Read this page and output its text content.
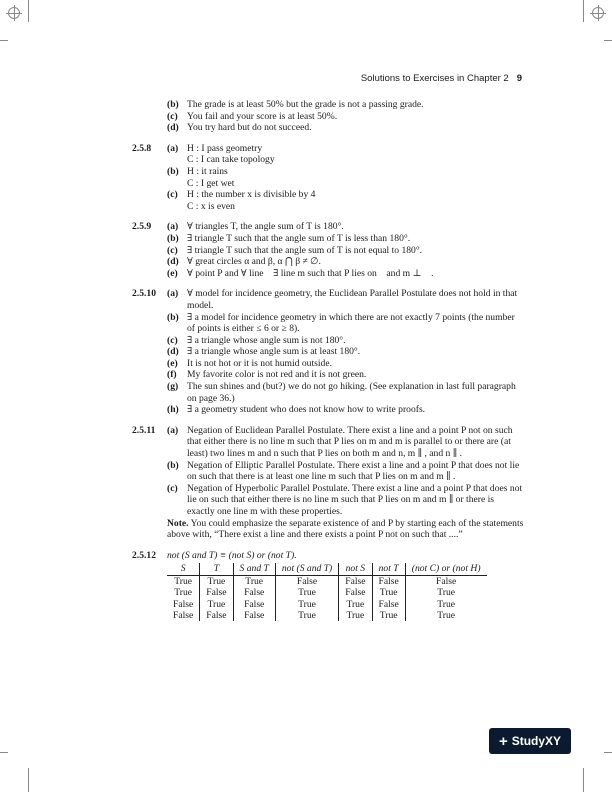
Solutions to Exercises in Chapter 2 9
(b) The grade is at least 50% but the grade is not a passing grade.
(c) You fail and your score is at least 50%.
(d) You try hard but do not succeed.
2.5.8 (a) H : I pass geometry
C : I can take topology
(b) H : it rains
C : I get wet
(c) H : the number x is divisible by 4
C : x is even
2.5.9 (a) ∀ triangles T, the angle sum of T is 180°.
(b) ∃ triangle T such that the angle sum of T is less than 180°.
(c) ∃ triangle T such that the angle sum of T is not equal to 180°.
(d) ∀ great circles α and β, α ⋂ β ≠ ∅.
(e) ∀ point P and ∀ line    ∃ line m such that P lies on    and m ⊥    .
2.5.10 (a) ∀ model for incidence geometry, the Euclidean Parallel Postulate does not hold in that model.
(b) ∃ a model for incidence geometry in which there are not exactly 7 points (the number of points is either ≤ 6 or ≥ 8).
(c) ∃ a triangle whose angle sum is not 180°.
(d) ∃ a triangle whose angle sum is at least 180°.
(e) It is not hot or it is not humid outside.
(f) My favorite color is not red and it is not green.
(g) The sun shines and (but?) we do not go hiking. (See explanation in last full paragraph on page 36.)
(h) ∃ a geometry student who does not know how to write proofs.
2.5.11 (a) Negation of Euclidean Parallel Postulate. There exist a line and a point P not on such that either there is no line m such that P lies on m and m is parallel to or there are (at least) two lines m and n such that P lies on both m and n, m ∥ , and n ∥ .
(b) Negation of Elliptic Parallel Postulate. There exist a line and a point P that does not lie on such that there is at least one line m such that P lies on m and m ∥ .
(c) Negation of Hyperbolic Parallel Postulate. There exist a line and a point P that does not lie on such that either there is no line m such that P lies on m and m ∥ or there is exactly one line m with these properties.
Note. You could emphasize the separate existence of and P by starting each of the statements above with, “There exist a line and there exists a point P not on such that ....”
2.5.12 not (S and T) ≡ (not S) or (not T).
S	T	S and T	not (S and T)	not S	not T	(not C) or (not H)
True	True	True	False	False	False	False
True	False	False	True	False	True	True
False	True	False	True	True	False	True
False	False	False	True	True	True	True
+ StudyXY
